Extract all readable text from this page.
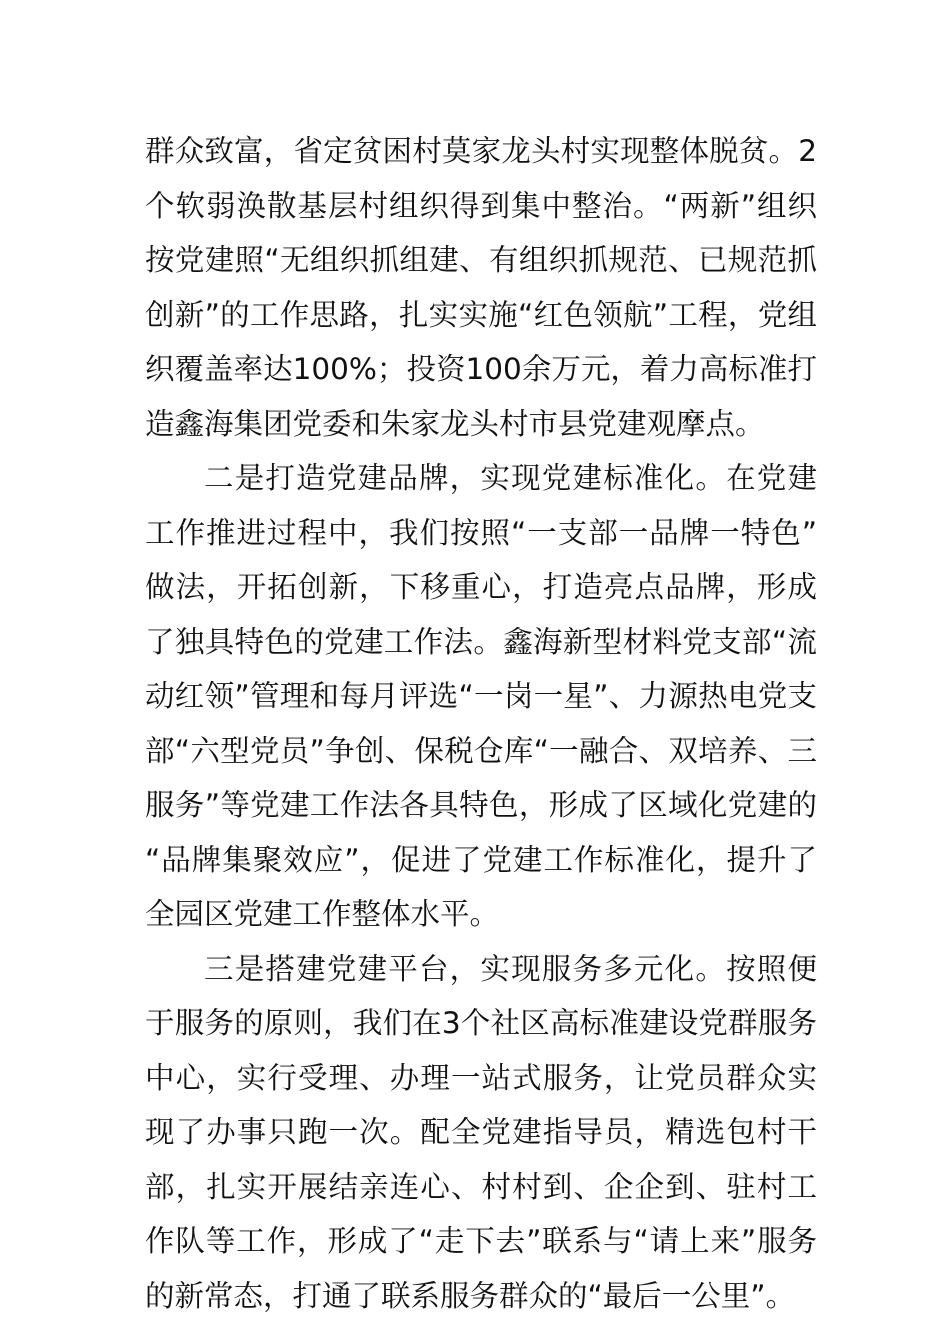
群众致富，省定贫困村莫家龙头村实现整体脱贫。2个软弱涣散基层村组织得到集中整治。“两新”组织按党建照“无组织抓组建、有组织抓规范、已规范抓创新”的工作思路，扎实实施“红色领航”工程，党组织覆盖率达100%；投资100余万元，着力高标准打造鑫海集团党委和朱家龙头村市县党建观摩点。

二是打造党建品牌，实现党建标准化。在党建工作推进过程中，我们按照“一支部一品牌一特色”做法，开拓创新，下移重心，打造亮点品牌，形成了独具特色的党建工作法。鑫海新型材料党支部“流动红领”管理和每月评选“一岗一星”、力源热电党支部“六型党员”争创、保税仓库“一融合、双培养、三服务”等党建工作法各具特色，形成了区域化党建的“品牌集聚效应”，促进了党建工作标准化，提升了全园区党建工作整体水平。

三是搭建党建平台，实现服务多元化。按照便于服务的原则，我们在3个社区高标准建设党群服务中心，实行受理、办理一站式服务，让党员群众实现了办事只跑一次。配全党建指导员，精选包村干部，扎实开展结亲连心、村村到、企企到、驻村工作队等工作，形成了“走下去”联系与“请上来”服务的新常态，打通了联系服务群众的“最后一公里”。
